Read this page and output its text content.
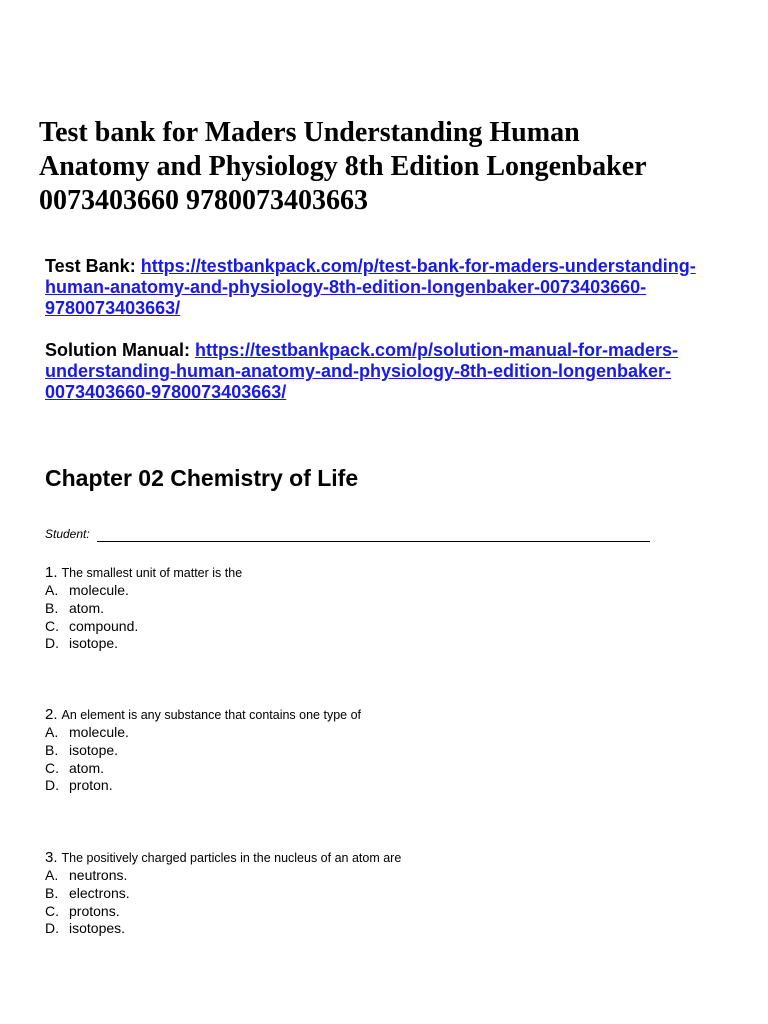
Test bank for Maders Understanding Human
Anatomy and Physiology 8th Edition Longenbaker
0073403660 9780073403663
Test Bank: https://testbankpack.com/p/test-bank-for-maders-understanding-
human-anatomy-and-physiology-8th-edition-longenbaker-0073403660-
9780073403663/
Solution Manual: https://testbankpack.com/p/solution-manual-for-maders-
understanding-human-anatomy-and-physiology-8th-edition-longenbaker-
0073403660-9780073403663/
Chapter 02 Chemistry of Life
Student:
1. The smallest unit of matter is the
A. molecule.
B. atom.
C. compound.
D. isotope.
2. An element is any substance that contains one type of
A. molecule.
B. isotope.
C. atom.
D. proton.
3. The positively charged particles in the nucleus of an atom are
A. neutrons.
B. electrons.
C. protons.
D. isotopes.
